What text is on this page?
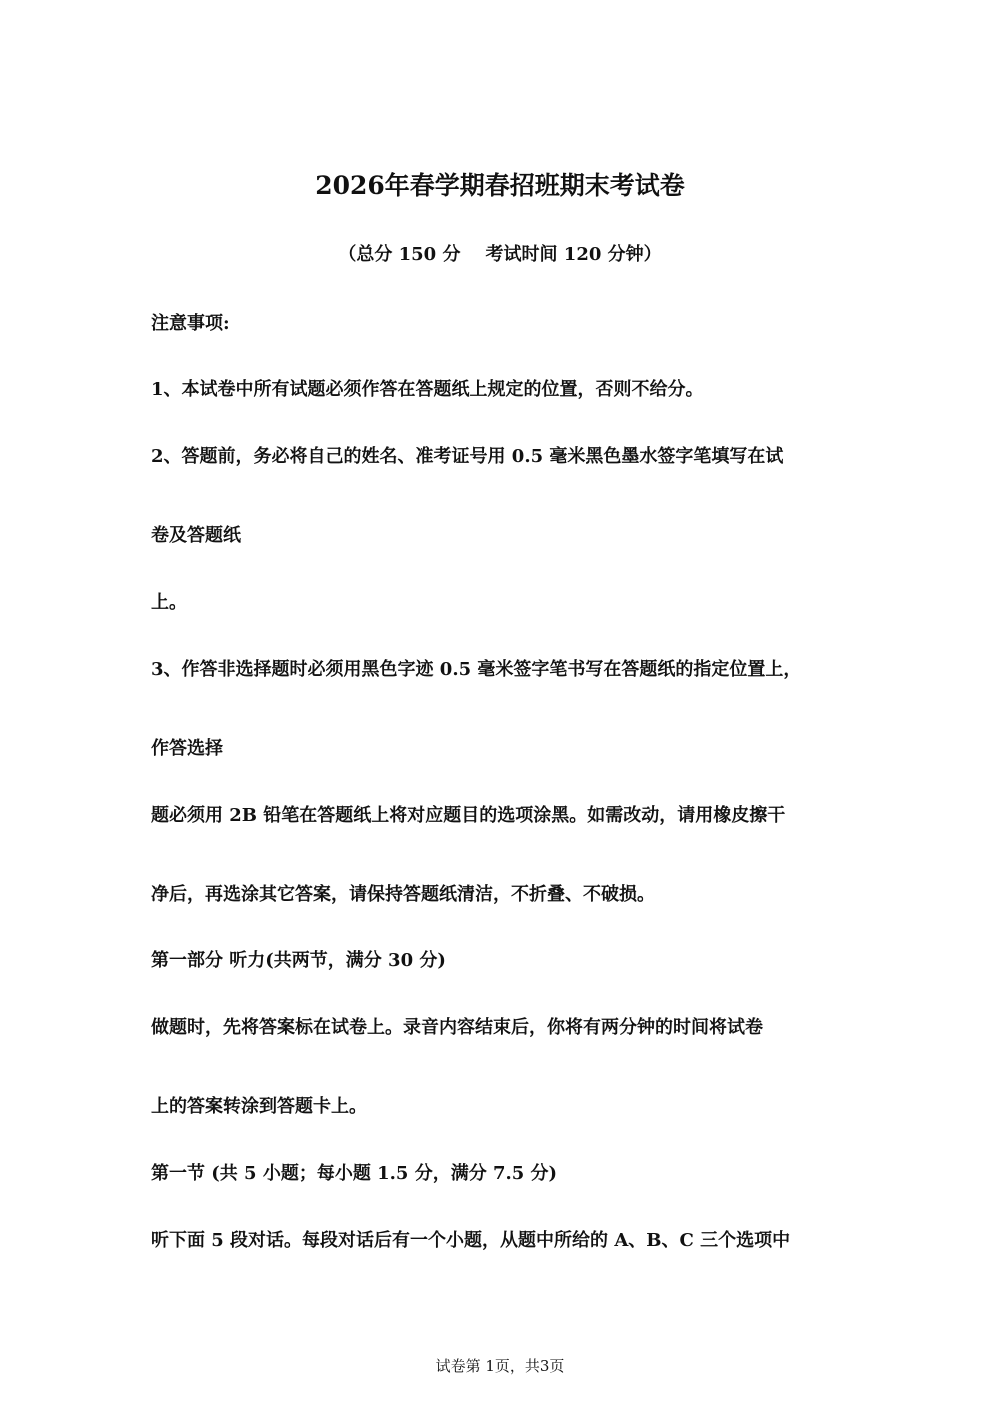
2026年春学期春招班期末考试卷
（总分 150 分    考试时间 120 分钟）
注意事项:
1、本试卷中所有试题必须作答在答题纸上规定的位置，否则不给分。
2、答题前，务必将自己的姓名、准考证号用 0.5 毫米黑色墨水签字笔填写在试
卷及答题纸
上。
3、作答非选择题时必须用黑色字迹 0.5 毫米签字笔书写在答题纸的指定位置上，
作答选择
题必须用 2B 铅笔在答题纸上将对应题目的选项涂黑。如需改动，请用橡皮擦干
净后，再选涂其它答案，请保持答题纸清洁，不折叠、不破损。
第一部分 听力(共两节，满分 30 分)
做题时，先将答案标在试卷上。录音内容结束后，你将有两分钟的时间将试卷
上的答案转涂到答题卡上。
第一节 (共 5 小题；每小题 1.5 分，满分 7.5 分)
听下面 5 段对话。每段对话后有一个小题，从题中所给的 A、B、C 三个选项中
试卷第 1页，共3页
